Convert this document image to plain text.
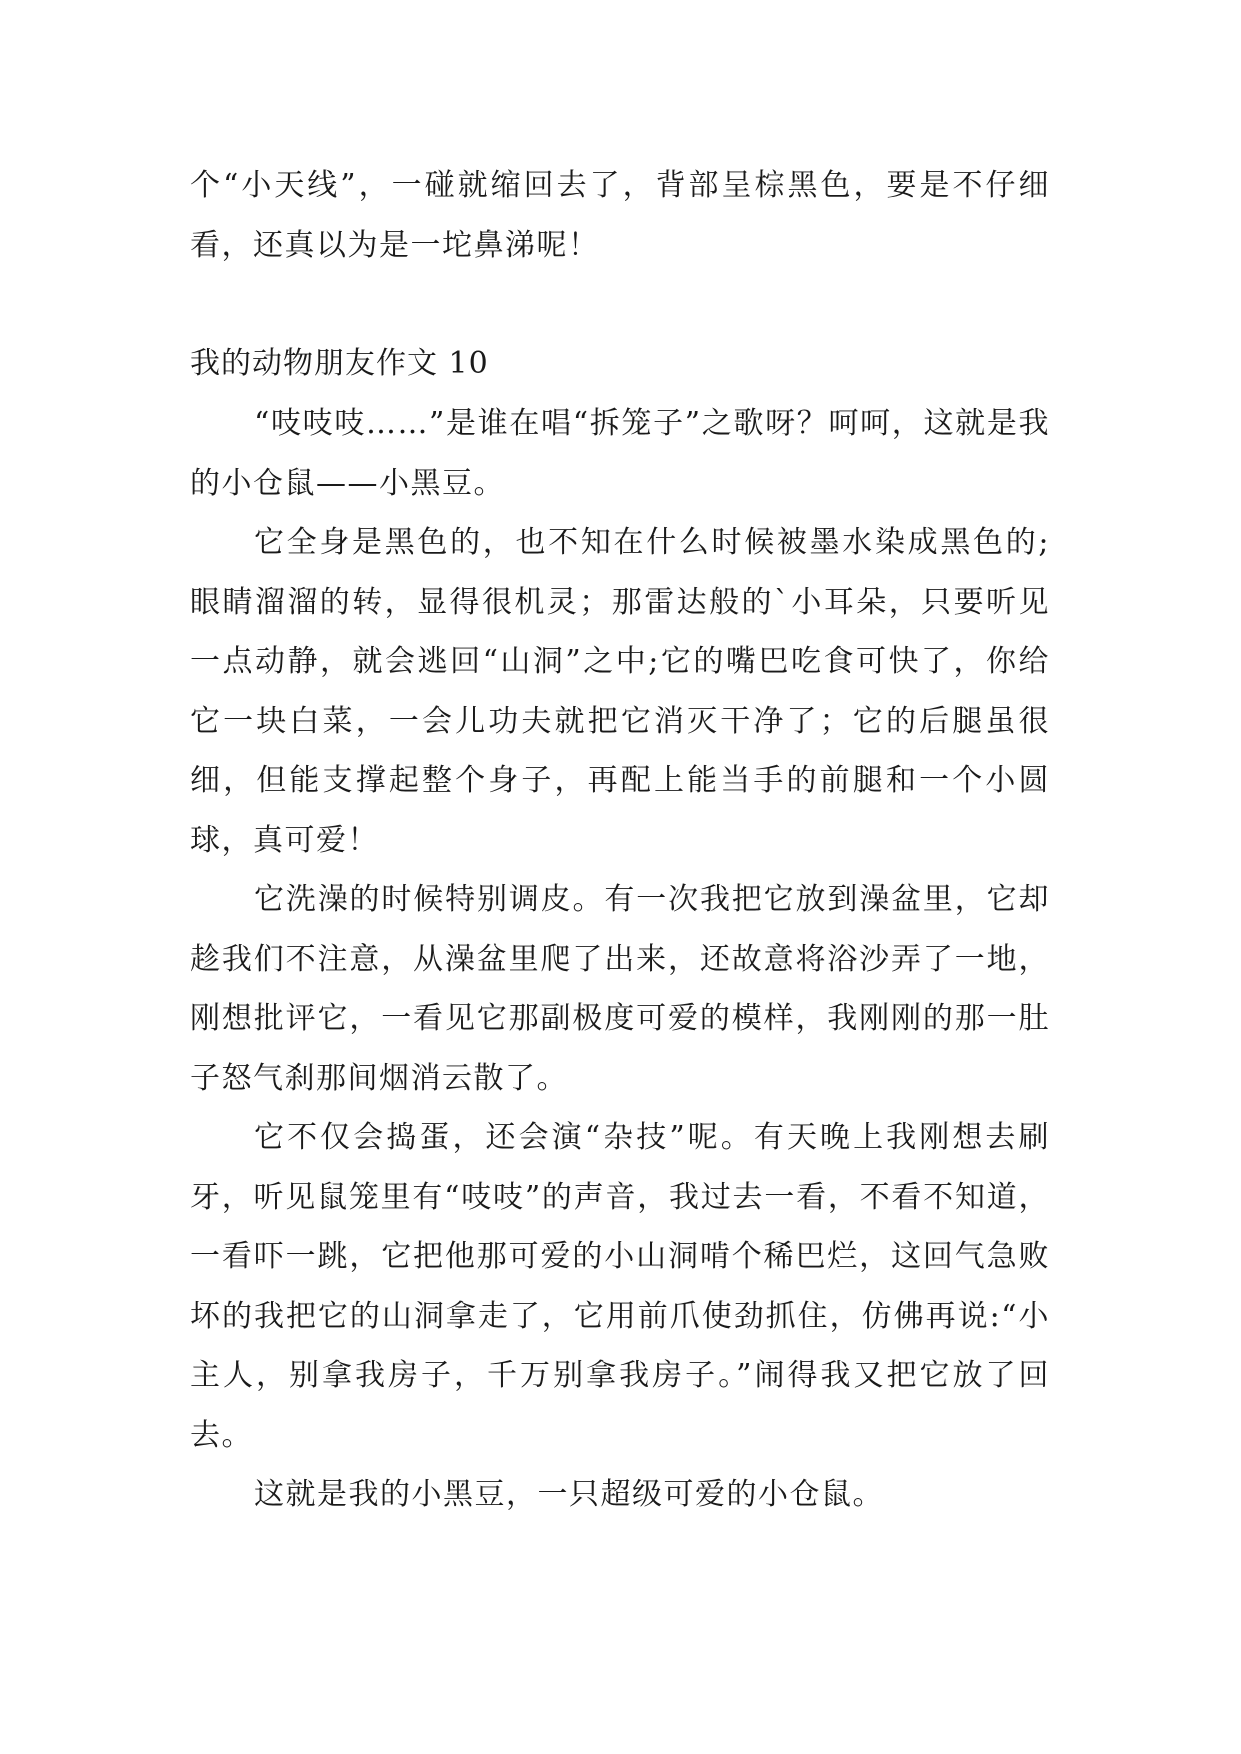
个“小天线”，一碰就缩回去了，背部呈棕黑色，要是不仔细看，还真以为是一坨鼻涕呢！

我的动物朋友作文 10

“吱吱吱……”是谁在唱“拆笼子”之歌呀？呵呵，这就是我的小仓鼠——小黑豆。

它全身是黑色的，也不知在什么时候被墨水染成黑色的;眼睛溜溜的转，显得很机灵；那雷达般的`小耳朵，只要听见一点动静，就会逃回“山洞”之中;它的嘴巴吃食可快了，你给它一块白菜，一会儿功夫就把它消灭干净了；它的后腿虽很细，但能支撑起整个身子，再配上能当手的前腿和一个小圆球，真可爱！

它洗澡的时候特别调皮。有一次我把它放到澡盆里，它却趁我们不注意，从澡盆里爬了出来，还故意将浴沙弄了一地，刚想批评它，一看见它那副极度可爱的模样，我刚刚的那一肚子怒气刹那间烟消云散了。

它不仅会捣蛋，还会演“杂技”呢。有天晚上我刚想去刷牙，听见鼠笼里有“吱吱”的声音，我过去一看，不看不知道，一看吓一跳，它把他那可爱的小山洞啃个稀巴烂，这回气急败坏的我把它的山洞拿走了，它用前爪使劲抓住，仿佛再说:“小主人，别拿我房子，千万别拿我房子。”闹得我又把它放了回去。

这就是我的小黑豆，一只超级可爱的小仓鼠。
